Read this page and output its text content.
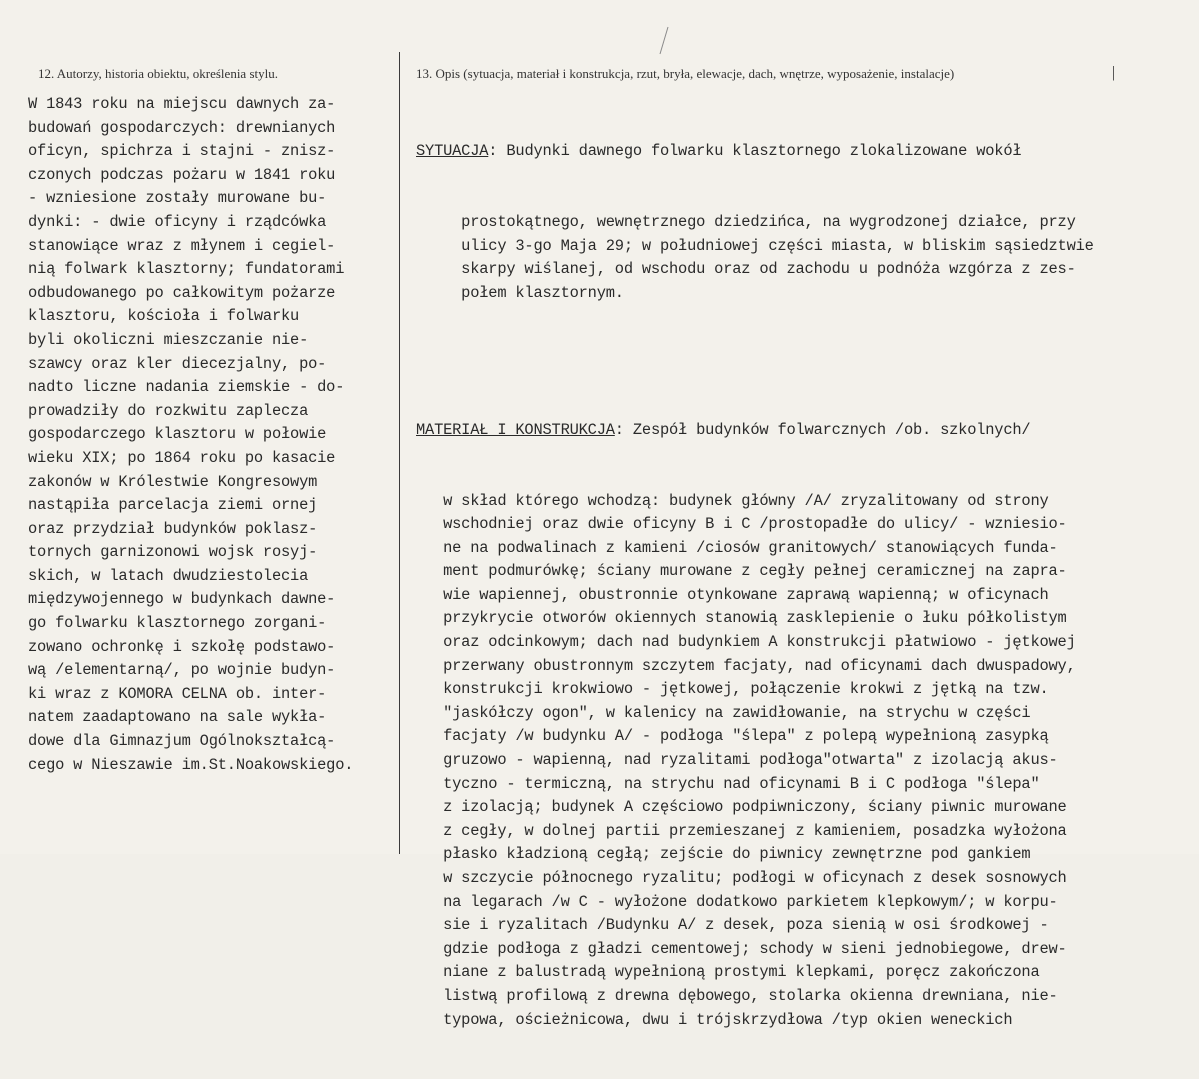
12. Autorzy, historia obiektu, określenia stylu.	13. Opis (sytuacja, materiał i konstrukcja, rzut, bryła, elewacje, dach, wnętrze, wyposażenie, instalacje)	|
W 1843 roku na miejscu dawnych za-
budowań gospodarczych: drewnianych
oficyn, spichrza i stajni - znisz-
czonych podczas pożaru w 1841 roku
- wzniesione zostały murowane bu-
dynki: - dwie oficyny i rządcówka
stanowiące wraz z młynem i cegiel-
nią folwark klasztorny; fundatorami
odbudowanego po całkowitym pożarze
klasztoru, kościoła i folwarku
byli okoliczni mieszczanie nie-
szawcy oraz kler diecezjalny, po-
nadto liczne nadania ziemskie - do-
prowadziły do rozkwitu zaplecza
gospodarczego klasztoru w połowie
wieku XIX; po 1864 roku po kasacie
zakonów w Królestwie Kongresowym
nastąpiła parcelacja ziemi ornej
oraz przydział budynków poklasz-
tornych garnizonowi wojsk rosyj-
skich, w latach dwudziestolecia
międzywojennego w budynkach dawne-
go folwarku klasztornego zorgani-
zowano ochronkę i szkołę podstawo-
wą /elementarną/, po wojnie budyn-
ki wraz z KOMORA CELNA ob. inter-
natem zaadaptowano na sale wykła-
dowe dla Gimnazjum Ogólnokształcą-
cego w Nieszawie im.St.Noakowskiego.

SYTUACJA: Budynki dawnego folwarku klasztornego zlokalizowane wokół

prostokątnego, wewnętrznego dziedzińca, na wygrodzonej działce, przy
ulicy 3-go Maja 29; w południowej części miasta, w bliskim sąsiedztwie
skarpy wiślanej, od wschodu oraz od zachodu u podnóża wzgórza z zes-
połem klasztornym.

MATERIAŁ I KONSTRUKCJA: Zespół budynków folwarcznych /ob. szkolnych/

w skład którego wchodzą: budynek główny /A/ zryzalitowany od strony
wschodniej oraz dwie oficyny B i C /prostopadłe do ulicy/ - wzniesio-
ne na podwalinach z kamieni /ciosów granitowych/ stanowiących funda-
ment podmurówkę; ściany murowane z cegły pełnej ceramicznej na zapra-
wie wapiennej, obustronnie otynkowane zaprawą wapienną; w oficynach
przykrycie otworów okiennych stanowią zasklepienie o łuku półkolistym
oraz odcinkowym; dach nad budynkiem A konstrukcji płatwiowo - jętkowej
przerwany obustronnym szczytem facjaty, nad oficynami dach dwuspadowy,
konstrukcji krokwiowo - jętkowej, połączenie krokwi z jętką na tzw.
"jaskółczy ogon", w kalenicy na zawidłowanie, na strychu w części
facjaty /w budynku A/ - podłoga "ślepa" z polepą wypełnioną zasypką
gruzowo - wapienną, nad ryzalitami podłoga"otwarta" z izolacją akus-
tyczno - termiczną, na strychu nad oficynami B i C podłoga "ślepa"
z izolacją; budynek A częściowo podpiwniczony, ściany piwnic murowane
z cegły, w dolnej partii przemieszanej z kamieniem, posadzka wyłożona
płasko kładzioną cegłą; zejście do piwnicy zewnętrzne pod gankiem
w szczycie północnego ryzalitu; podłogi w oficynach z desek sosnowych
na legarach /w C - wyłożone dodatkowo parkietem klepkowym/; w korpu-
sie i ryzalitach /Budynku A/ z desek, poza sienią w osi środkowej -
gdzie podłoga z gładzi cementowej; schody w sieni jednobiegowe, drew-
niane z balustradą wypełnioną prostymi klepkami, poręcz zakończona
listwą profilową z drewna dębowego, stolarka okienna drewniana, nie-
typowa, ościeżnicowa, dwu i trójskrzydłowa /typ okien weneckich
